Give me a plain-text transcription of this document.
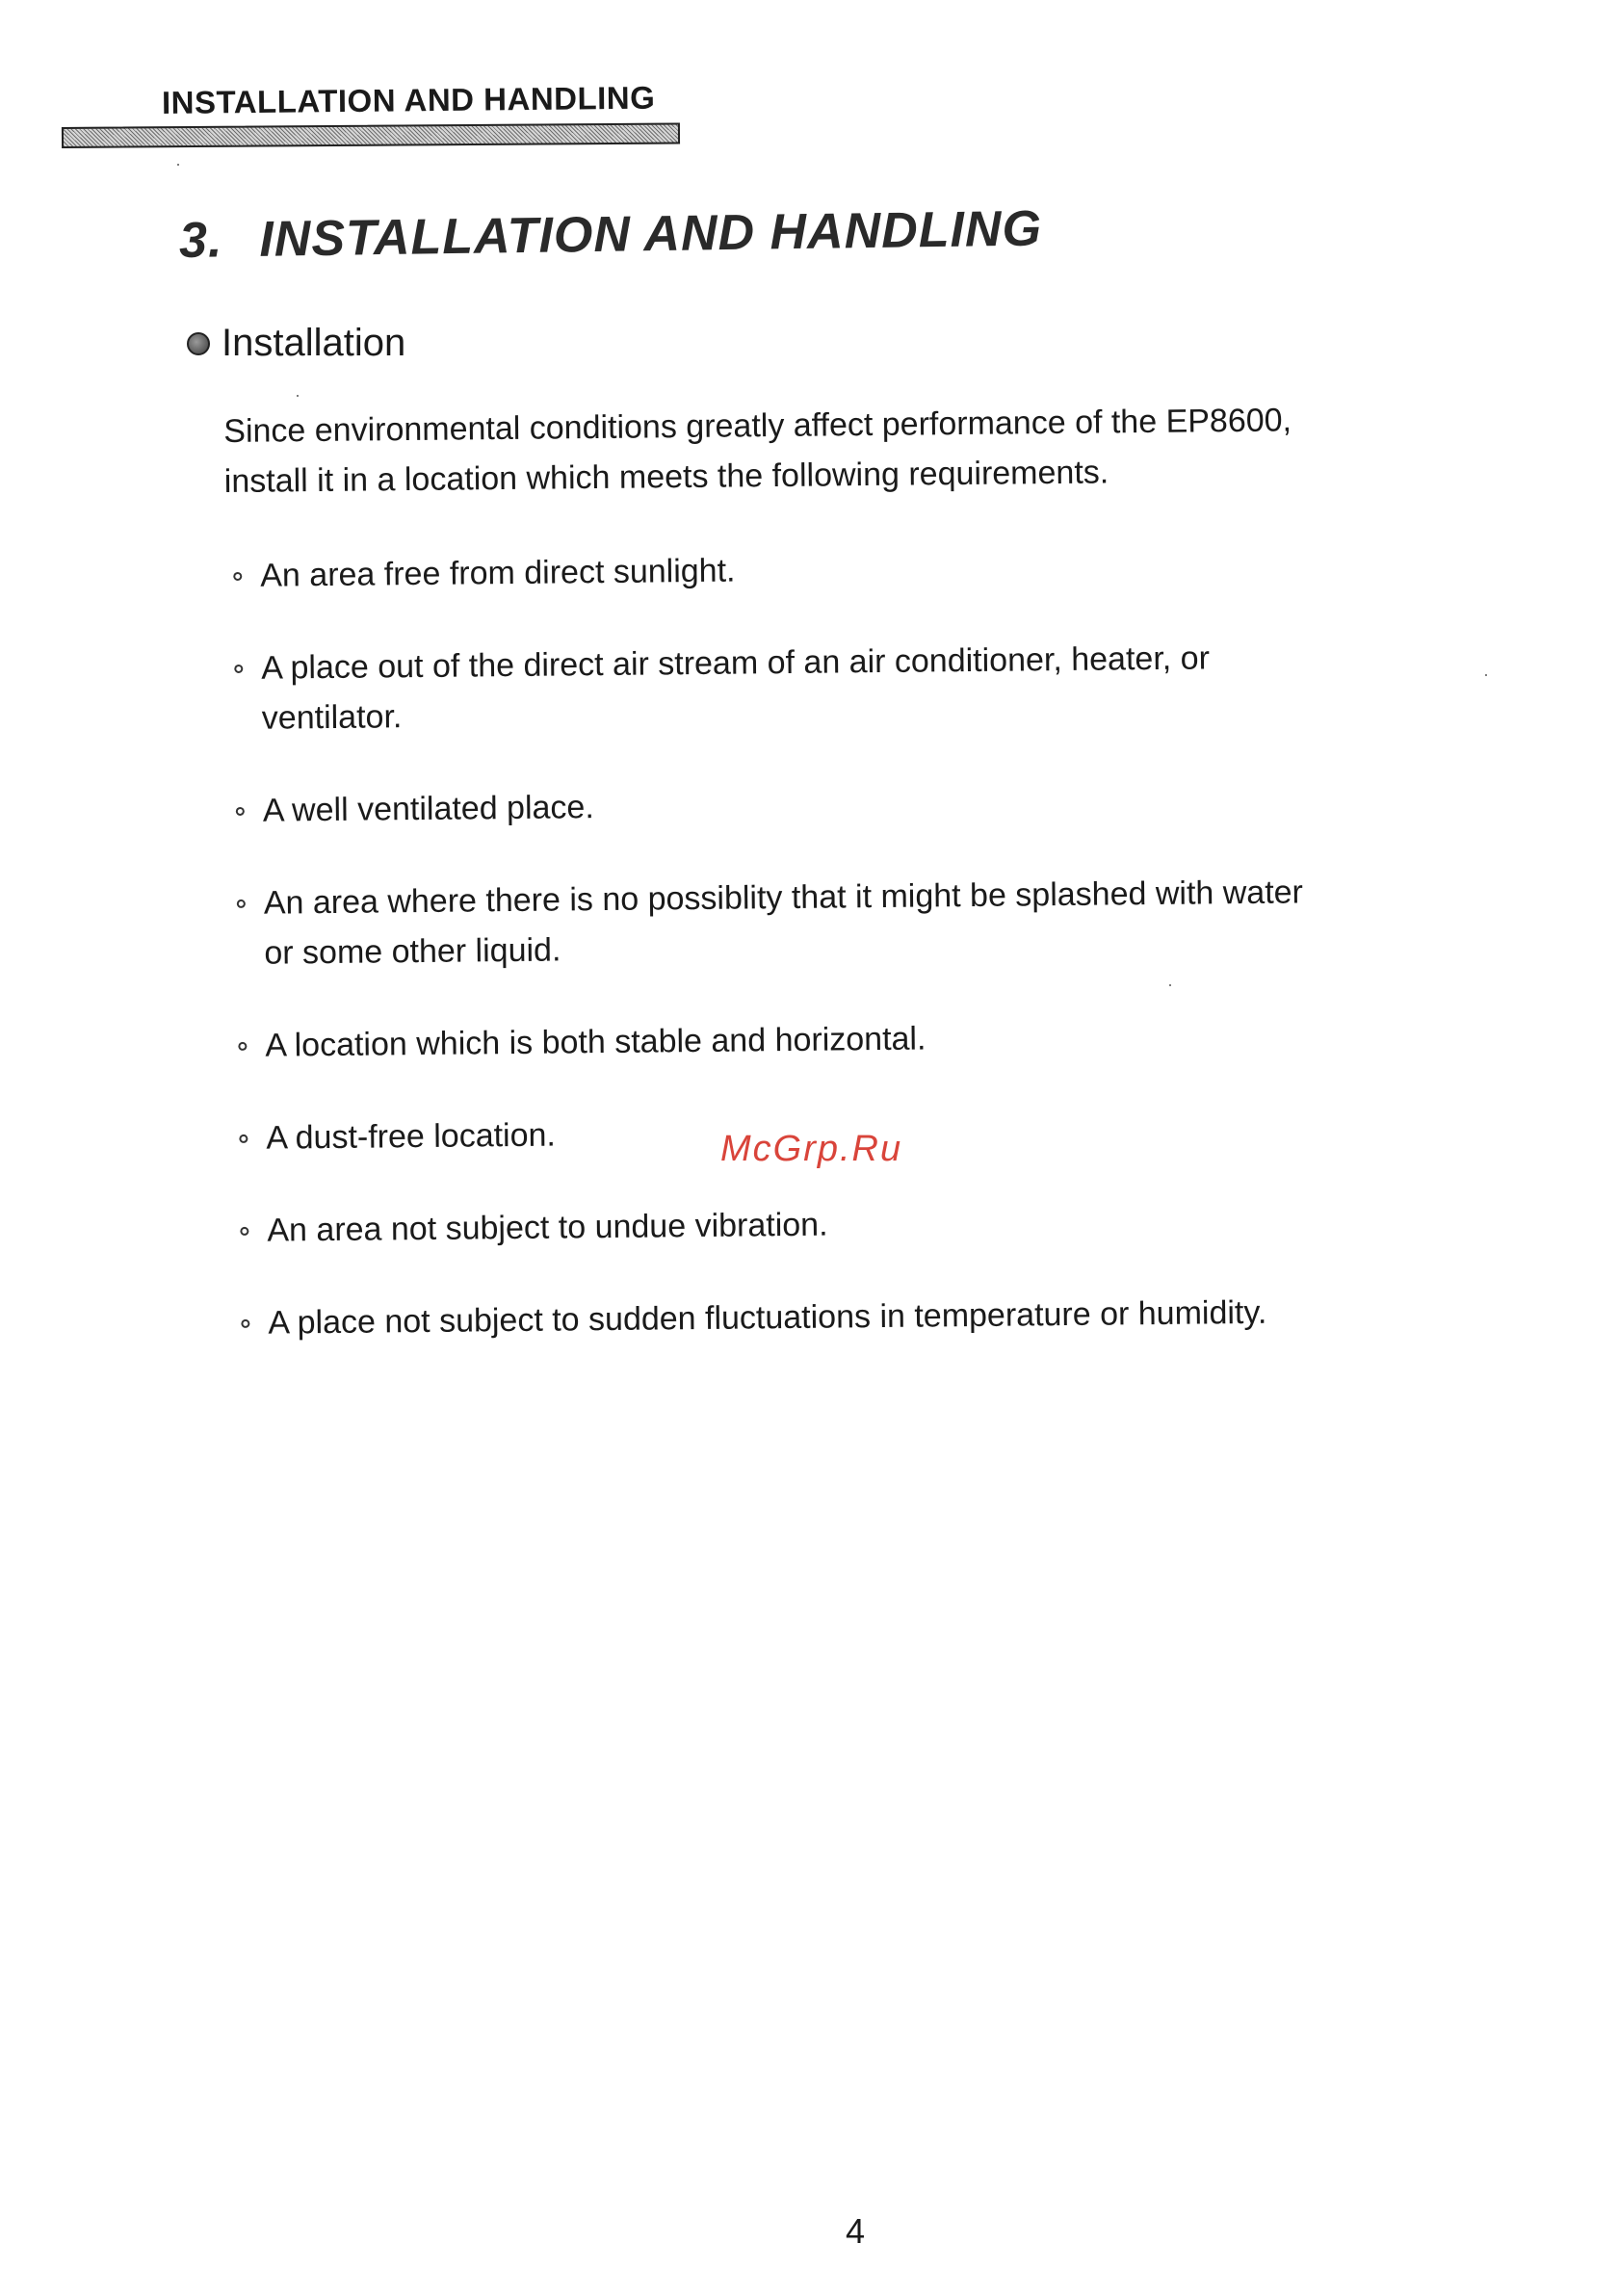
INSTALLATION AND HANDLING
3. INSTALLATION AND HANDLING
Installation
Since environmental conditions greatly affect performance of the EP8600,
install it in a location which meets the following requirements.
An area free from direct sunlight.
A place out of the direct air stream of an air conditioner, heater, or
ventilator.
A well ventilated place.
An area where there is no possiblity that it might be splashed with water
or some other liquid.
A location which is both stable and horizontal.
A dust-free location.
An area not subject to undue vibration.
A place not subject to sudden fluctuations in temperature or humidity.
McGrp.Ru
4
